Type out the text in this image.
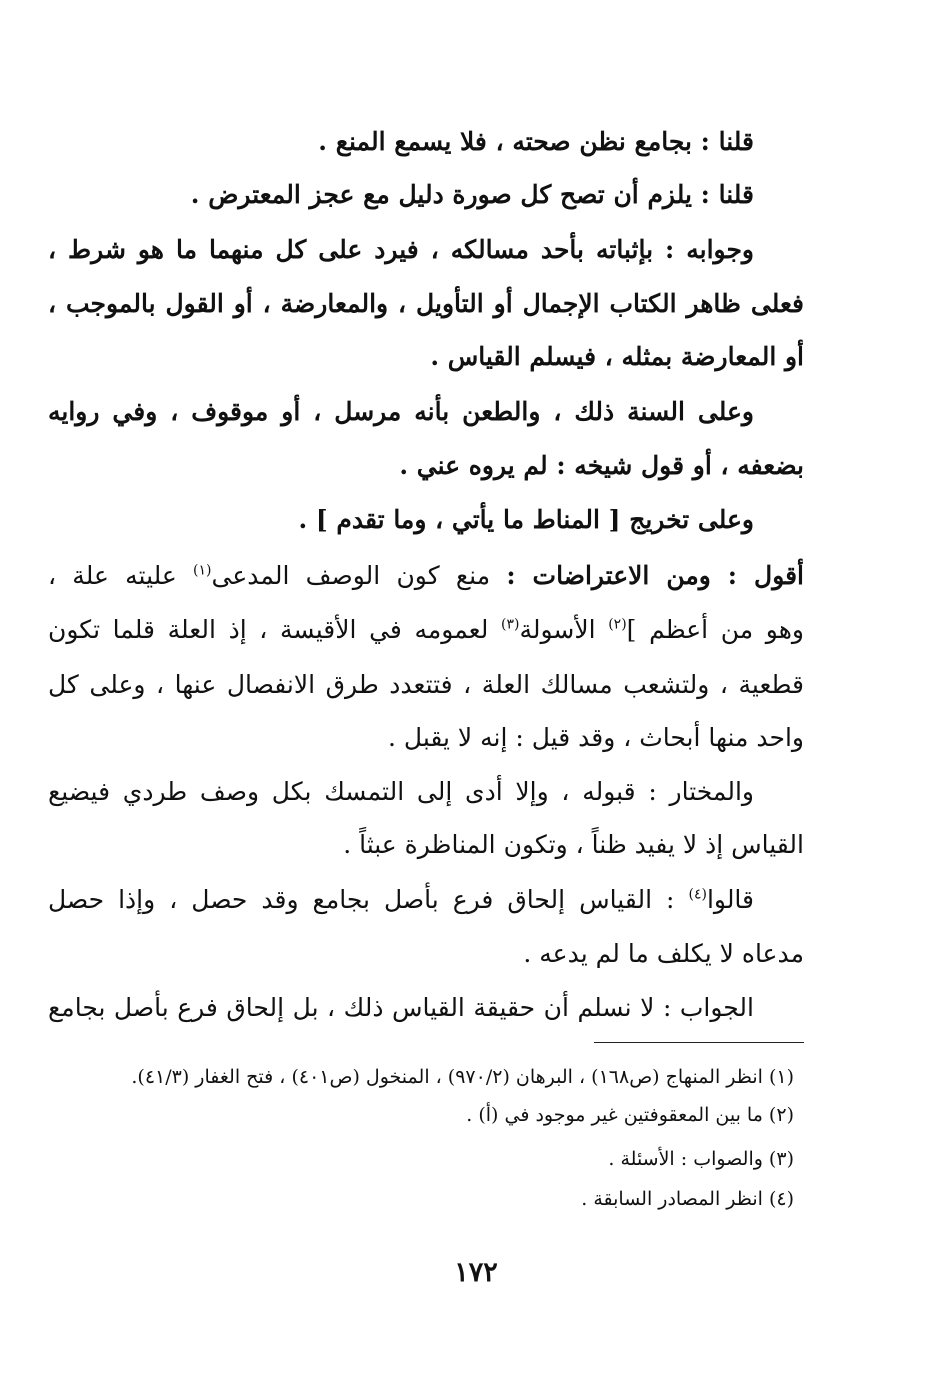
قلنا : بجامع نظن صحته ، فلا يسمع المنع .
قلنا : يلزم أن تصح كل صورة دليل مع عجز المعترض .
وجوابه : بإثباته بأحد مسالكه ، فيرد على كل منهما ما هو شرط ،
فعلى ظاهر الكتاب الإجمال أو التأويل ، والمعارضة ، أو القول بالموجب ،
أو المعارضة بمثله ، فيسلم القياس .
وعلى السنة ذلك ، والطعن بأنه مرسل ، أو موقوف ، وفي روايه
بضعفه ، أو قول شيخه : لم يروه عني .
وعلى تخريج [ المناط ما يأتي ، وما تقدم ] .
أقول : ومن الاعتراضات : منع كون الوصف المدعى$^{(١)}$ عليته علة ،
وهو من أعظم ]$^{(٢)}$ الأسولة$^{(٣)}$ لعمومه في الأقيسة ، إذ العلة قلما تكون
قطعية ، ولتشعب مسالك العلة ، فتتعدد طرق الانفصال عنها ، وعلى كل
واحد منها أبحاث ، وقد قيل : إنه لا يقبل .
والمختار : قبوله ، وإلا أدى إلى التمسك بكل وصف طردي فيضيع
القياس إذ لا يفيد ظناً ، وتكون المناظرة عبثاً .
قالوا$^{(٤)}$ : القياس إلحاق فرع بأصل بجامع وقد حصل ، وإذا حصل
مدعاه لا يكلف ما لم يدعه .
الجواب : لا نسلم أن حقيقة القياس ذلك ، بل إلحاق فرع بأصل بجامع
(١) انظر المنهاج (ص١٦٨) ، البرهان (٩٧٠/٢) ، المنخول (ص٤٠١) ، فتح الغفار (٤١/٣).
(٢) ما بين المعقوفتين غير موجود في (أ) .
(٣) والصواب : الأسئلة .
(٤) انظر المصادر السابقة .
١٧٢
